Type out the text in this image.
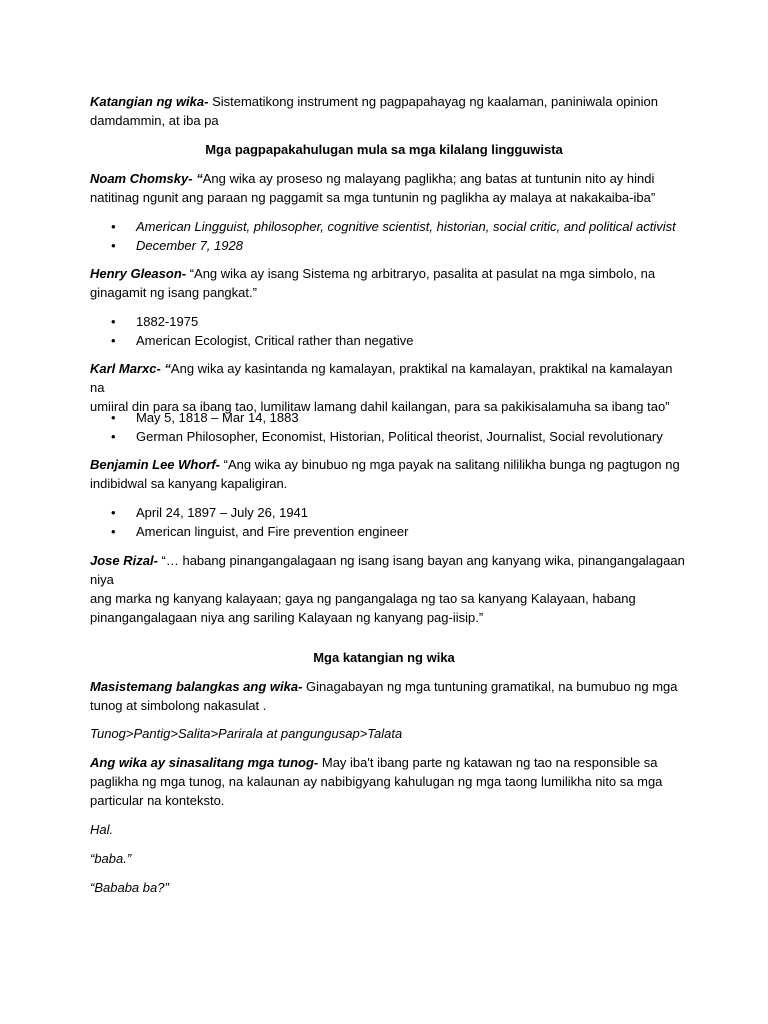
Katangian ng wika- Sistematikong instrument ng pagpapahayag ng kaalaman, paniniwala opinion
damdammin, at iba pa

Mga pagpapakahulugan mula sa mga kilalang lingguwista

Noam Chomsky- “Ang wika ay proseso ng malayang paglikha; ang batas at tuntunin nito ay hindi
natitinag ngunit ang paraan ng paggamit sa mga tuntunin ng paglikha ay malaya at nakakaiba-iba”

• American Lingguist, philosopher, cognitive scientist, historian, social critic, and political activist
• December 7, 1928

Henry Gleason- “Ang wika ay isang Sistema ng arbitraryo, pasalita at pasulat na mga simbolo, na
ginagamit ng isang pangkat.”

• 1882-1975
• American Ecologist, Critical rather than negative

Karl Marxc- “Ang wika ay kasintanda ng kamalayan, praktikal na kamalayan, praktikal na kamalayan na
umiiral din para sa ibang tao, lumilitaw lamang dahil kailangan, para sa pakikisalamuha sa ibang tao”

• May 5, 1818 – Mar 14, 1883
• German Philosopher, Economist, Historian, Political theorist, Journalist, Social revolutionary

Benjamin Lee Whorf- “Ang wika ay binubuo ng mga payak na salitang nililikha bunga ng pagtugon ng
indibidwal sa kanyang kapaligiran.

• April 24, 1897 – July 26, 1941
• American linguist, and Fire prevention engineer

Jose Rizal- “… habang pinangangalagaan ng isang isang bayan ang kanyang wika, pinangangalagaan niya
ang marka ng kanyang kalayaan; gaya ng pangangalaga ng tao sa kanyang Kalayaan, habang
pinangangalagaan niya ang sariling Kalayaan ng kanyang pag-iisip.”

Mga katangian ng wika

Masistemang balangkas ang wika- Ginagabayan ng mga tuntuning gramatikal, na bumubuo ng mga
tunog at simbolong nakasulat .

Tunog>Pantig>Salita>Parirala at pangungusap>Talata

Ang wika ay sinasalitang mga tunog- May iba't ibang parte ng katawan ng tao na responsible sa
paglikha ng mga tunog, na kalaunan ay nabibigyang kahulugan ng mga taong lumilikha nito sa mga
particular na konteksto.

Hal.

“baba.”

“Bababa ba?”
